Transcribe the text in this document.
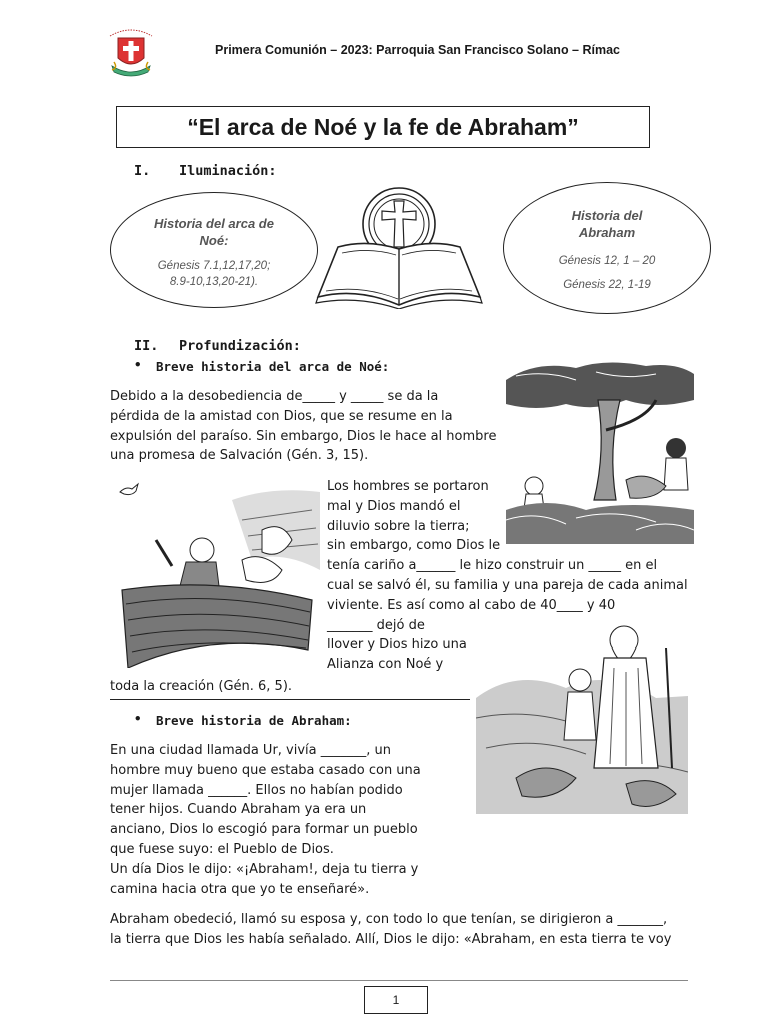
Primera Comunión – 2023: Parroquia San Francisco Solano – Rímac
“El arca de Noé y la fe de Abraham”
I. Iluminación:
Historia del arca de Noé:
Génesis 7.1,12,17,20; 8.9-10,13,20-21).
Historia del Abraham
Génesis 12, 1 – 20
Génesis 22, 1-19
II. Profundización:
• Breve historia del arca de Noé:
Debido a la desobediencia de_____ y _____ se da la
pérdida de la amistad con Dios, que se resume en la
expulsión del paraíso. Sin embargo, Dios le hace al hombre
una promesa de Salvación (Gén. 3, 15).
Los hombres se portaron
mal y Dios mandó el
diluvio sobre la tierra;
sin embargo, como Dios le
tenía cariño a______ le hizo construir un _____ en el
cual se salvó él, su familia y una pareja de cada animal
viviente. Es así como al cabo de 40____ y 40
_______ dejó de
llover y Dios hizo una
Alianza con Noé y
toda la creación (Gén. 6, 5).
• Breve historia de Abraham:
En una ciudad llamada Ur, vivía _______, un
hombre muy bueno que estaba casado con una
mujer llamada ______. Ellos no habían podido
tener hijos. Cuando Abraham ya era un
anciano, Dios lo escogió para formar un pueblo
que fuese suyo: el Pueblo de Dios.
Un día Dios le dijo: «¡Abraham!, deja tu tierra y
camina hacia otra que yo te enseñaré».
Abraham obedeció, llamó su esposa y, con todo lo que tenían, se dirigieron a _______,
la tierra que Dios les había señalado. Allí, Dios le dijo: «Abraham, en esta tierra te voy
1
